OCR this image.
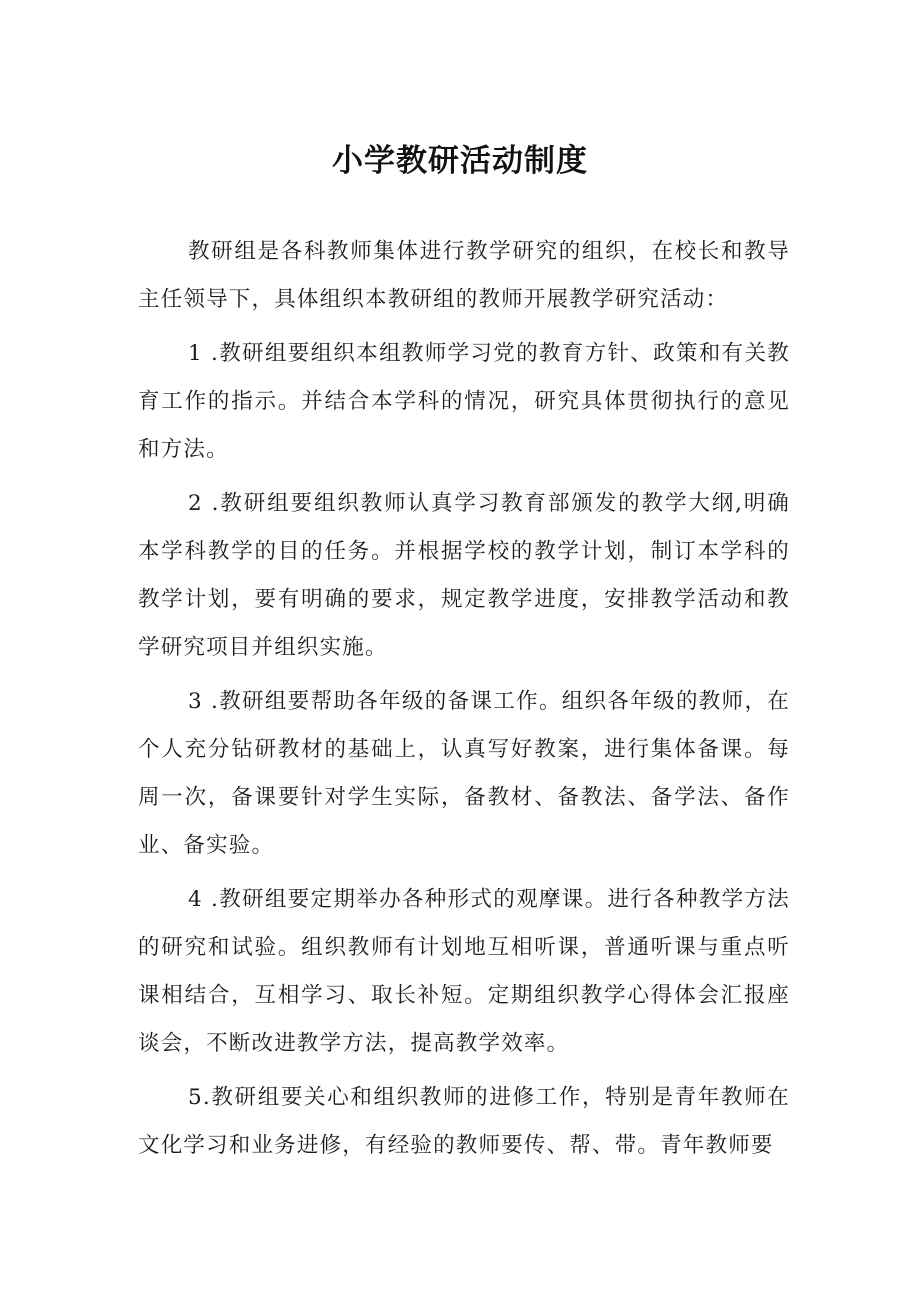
小学教研活动制度

教研组是各科教师集体进行教学研究的组织，在校长和教导主任领导下，具体组织本教研组的教师开展教学研究活动：

1 .教研组要组织本组教师学习党的教育方针、政策和有关教育工作的指示。并结合本学科的情况，研究具体贯彻执行的意见和方法。

2 .教研组要组织教师认真学习教育部颁发的教学大纲,明确本学科教学的目的任务。并根据学校的教学计划，制订本学科的教学计划，要有明确的要求，规定教学进度，安排教学活动和教学研究项目并组织实施。

3 .教研组要帮助各年级的备课工作。组织各年级的教师，在个人充分钻研教材的基础上，认真写好教案，进行集体备课。每周一次，备课要针对学生实际，备教材、备教法、备学法、备作业、备实验。

4 .教研组要定期举办各种形式的观摩课。进行各种教学方法的研究和试验。组织教师有计划地互相听课，普通听课与重点听课相结合，互相学习、取长补短。定期组织教学心得体会汇报座谈会，不断改进教学方法，提高教学效率。

5.教研组要关心和组织教师的进修工作，特别是青年教师在文化学习和业务进修，有经验的教师要传、帮、带。青年教师要
